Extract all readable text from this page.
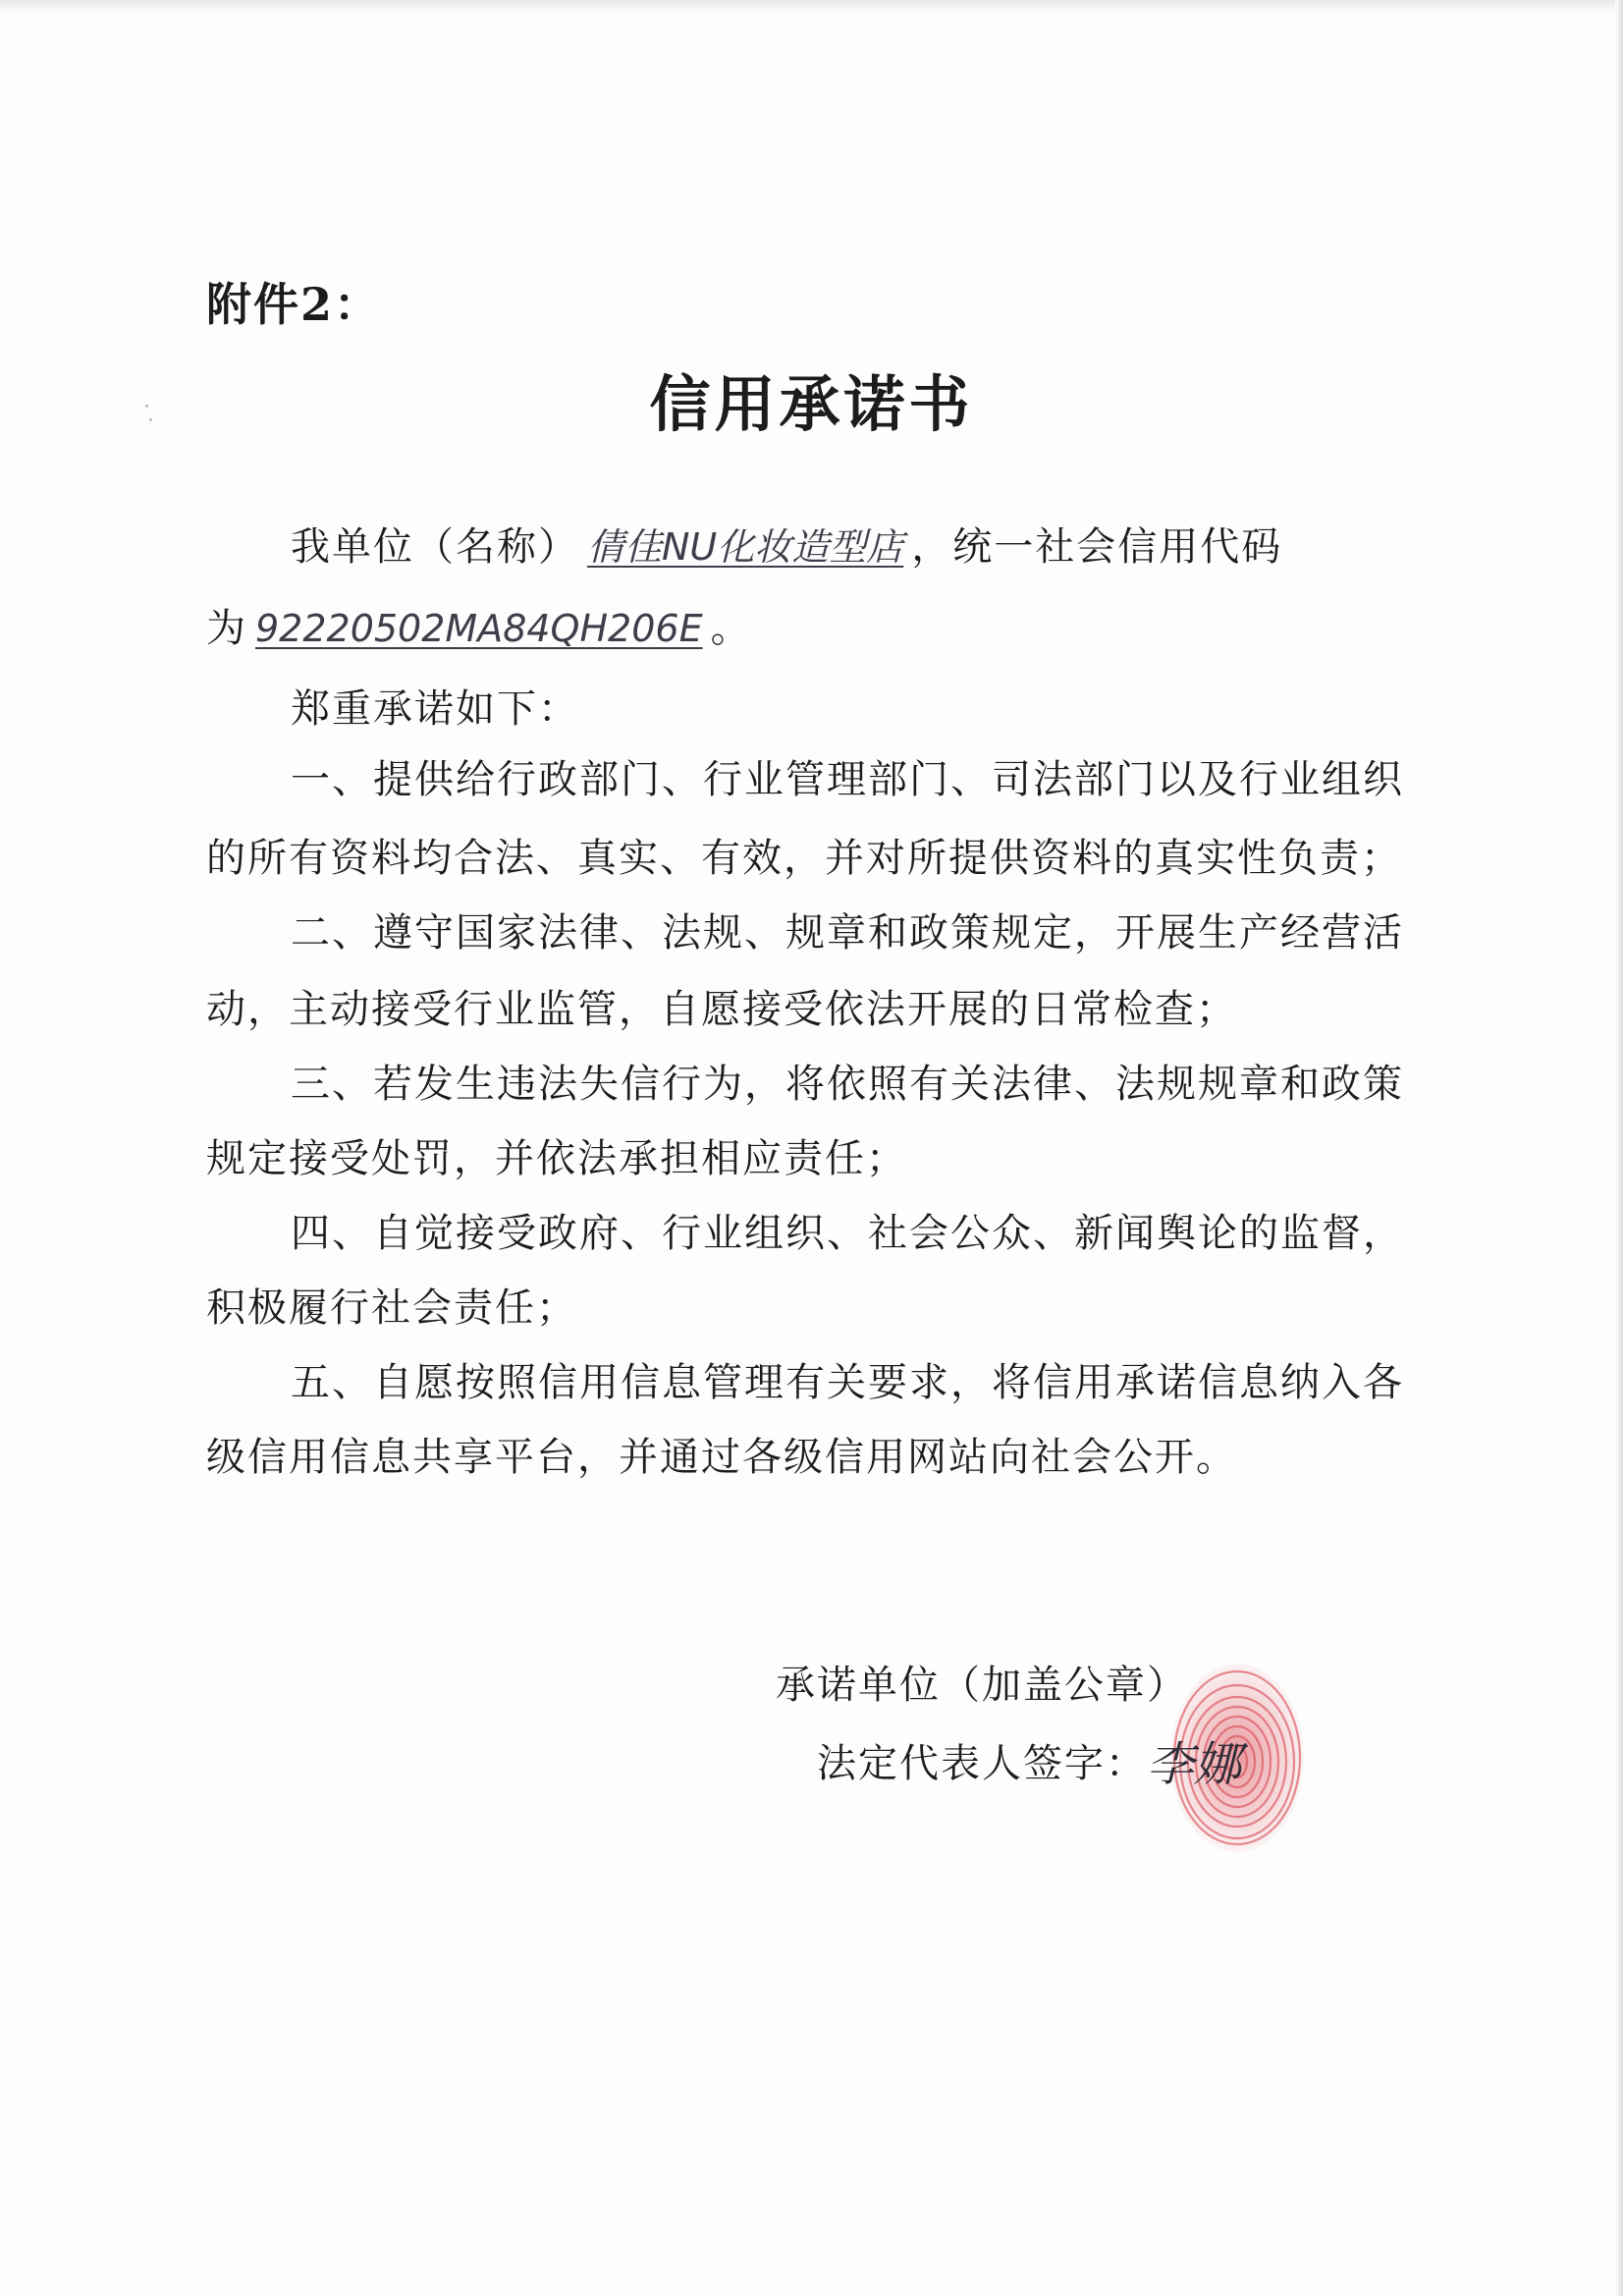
附件2：
信用承诺书
我单位（名称） 倩佳NU化妆造型店 ，统一社会信用代码
为 92220502MA84QH206E 。
郑重承诺如下：
一、提供给行政部门、行业管理部门、司法部门以及行业组织
的所有资料均合法、真实、有效，并对所提供资料的真实性负责；
二、遵守国家法律、法规、规章和政策规定，开展生产经营活
动，主动接受行业监管，自愿接受依法开展的日常检查；
三、若发生违法失信行为，将依照有关法律、法规规章和政策
规定接受处罚，并依法承担相应责任；
四、自觉接受政府、行业组织、社会公众、新闻舆论的监督，
积极履行社会责任；
五、自愿按照信用信息管理有关要求，将信用承诺信息纳入各
级信用信息共享平台，并通过各级信用网站向社会公开。
承诺单位（加盖公章）
法定代表人签字： 李娜
